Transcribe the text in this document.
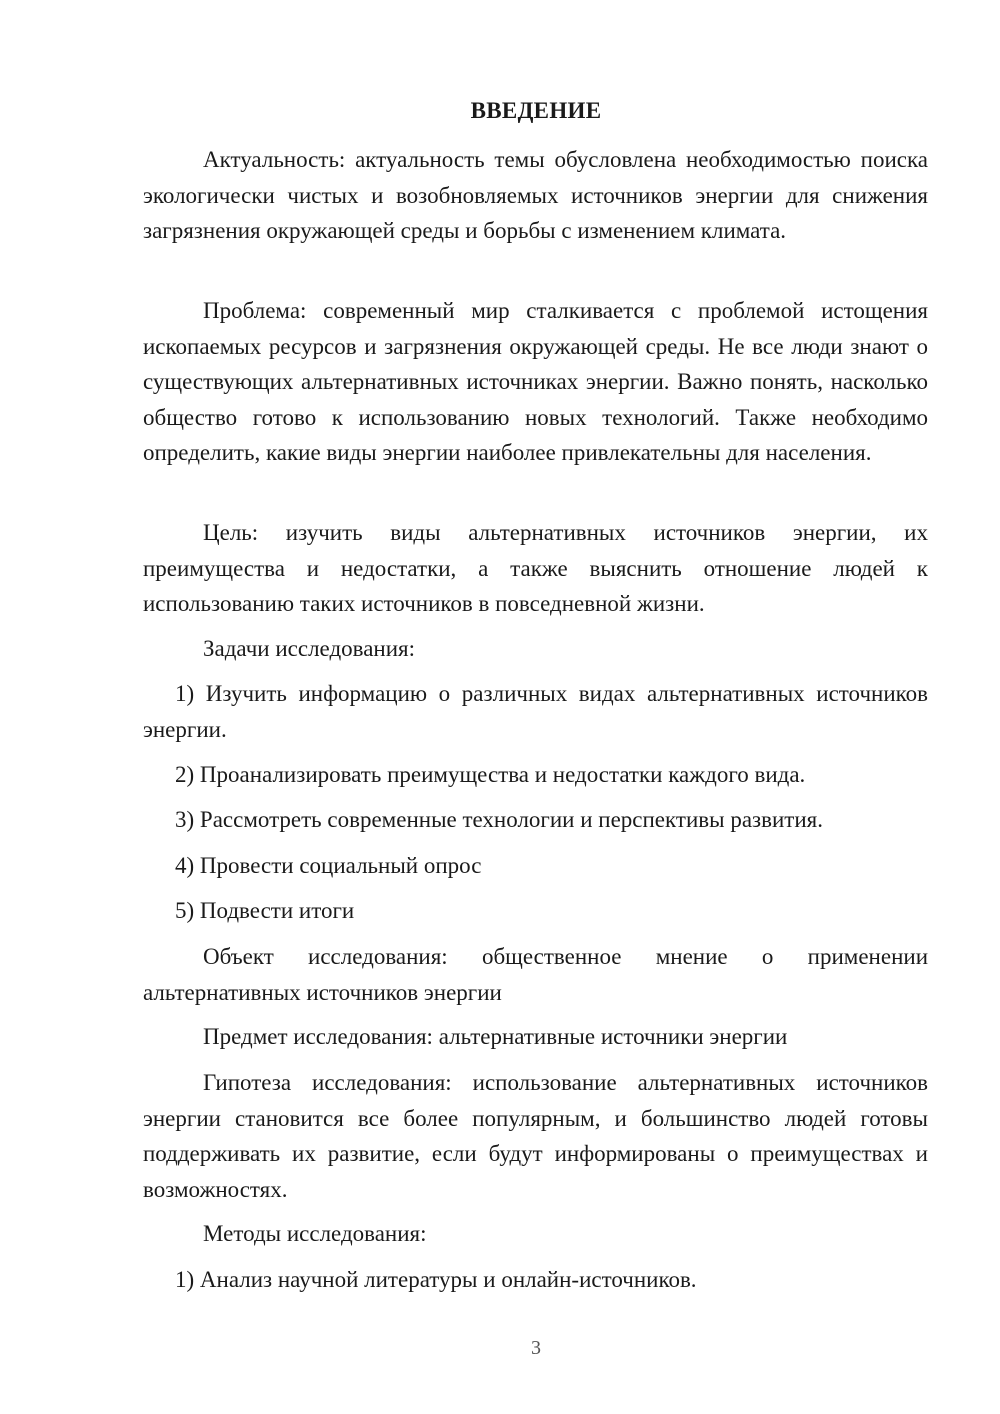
ВВЕДЕНИЕ

Актуальность: актуальность темы обусловлена необходимостью поиска экологически чистых и возобновляемых источников энергии для снижения загрязнения окружающей среды и борьбы с изменением климата.

Проблема: современный мир сталкивается с проблемой истощения ископаемых ресурсов и загрязнения окружающей среды. Не все люди знают о существующих альтернативных источниках энергии. Важно понять, насколько общество готово к использованию новых технологий. Также необходимо определить, какие виды энергии наиболее привлекательны для населения.

Цель: изучить виды альтернативных источников энергии, их преимущества и недостатки, а также выяснить отношение людей к использованию таких источников в повседневной жизни.

Задачи исследования:

1) Изучить информацию о различных видах альтернативных источников энергии.

2) Проанализировать преимущества и недостатки каждого вида.

3) Рассмотреть современные технологии и перспективы развития.

4) Провести социальный опрос

5) Подвести итоги

Объект исследования: общественное мнение о применении альтернативных источников энергии

Предмет исследования: альтернативные источники энергии

Гипотеза исследования: использование альтернативных источников энергии становится все более популярным, и большинство людей готовы поддерживать их развитие, если будут информированы о преимуществах и возможностях.

Методы исследования:

1) Анализ научной литературы и онлайн-источников.

3
